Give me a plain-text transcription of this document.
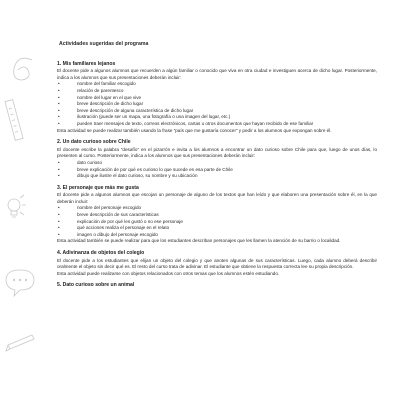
Actividades sugeridas del programa
1. Mis familiares lejanos

El docente pide a algunos alumnos que recuerden a algún familiar o conocido que viva en otra ciudad e investiguen acerca de dicho lugar. Posteriormente, indica a los alumnos que sus presentaciones deberán incluir:

• nombre del familiar escogido
• relación de parentesco
• nombre del lugar en el que vive
• breve descripción de dicho lugar
• breve descripción de alguna característica de dicho lugar
• ilustración (puede ser un mapa, una fotografía o una imagen del lugar, etc.)
• pueden traer mensajes de texto, correos electrónicos, cartas u otros documentos que hayan recibido de ese familiar

Esta actividad se puede realizar también usando la frase “país que me gustaría conocer” y pedir a los alumnos que expongan sobre él.

2. Un dato curioso sobre Chile

El docente escribe la palabra “desafío” en el pizarrón e invita a los alumnos a encontrar un dato curioso sobre Chile para que, luego de unos días, lo presenten al curso. Posteriormente, indica a los alumnos que sus presentaciones deberán incluir:

• dato curioso
• breve explicación de por qué es curioso lo que sucede en esa parte de Chile
• dibujo que ilustre el dato curioso, su nombre y su ubicación
3. El personaje que más me gusta

El docente pide a algunos alumnos que escojan un personaje de alguno de los textos que han leído y que elaboren una presentación sobre él, en la que deberán incluir:

• nombre del personaje escogido
• breve descripción de sus características
• explicación de por qué les gustó o no ese personaje
• qué acciones realiza el personaje en el relato
• imagen o dibujo del personaje escogido

Esta actividad también se puede realizar para que los estudiantes describan personajes que les llamen la atención de su barrio o localidad.

4. Adivinanza de objetos del colegio

El docente pide a los estudiantes que elijan un objeto del colegio y que anoten algunas de sus características. Luego, cada alumno deberá describir oralmente el objeto sin decir qué es. El resto del curso trata de adivinar. El estudiante que obtiene la respuesta correcta lee su propia descripción.

Esta actividad puede realizarse con objetos relacionados con otros temas que los alumnos estén estudiando.

5. Dato curioso sobre un animal
